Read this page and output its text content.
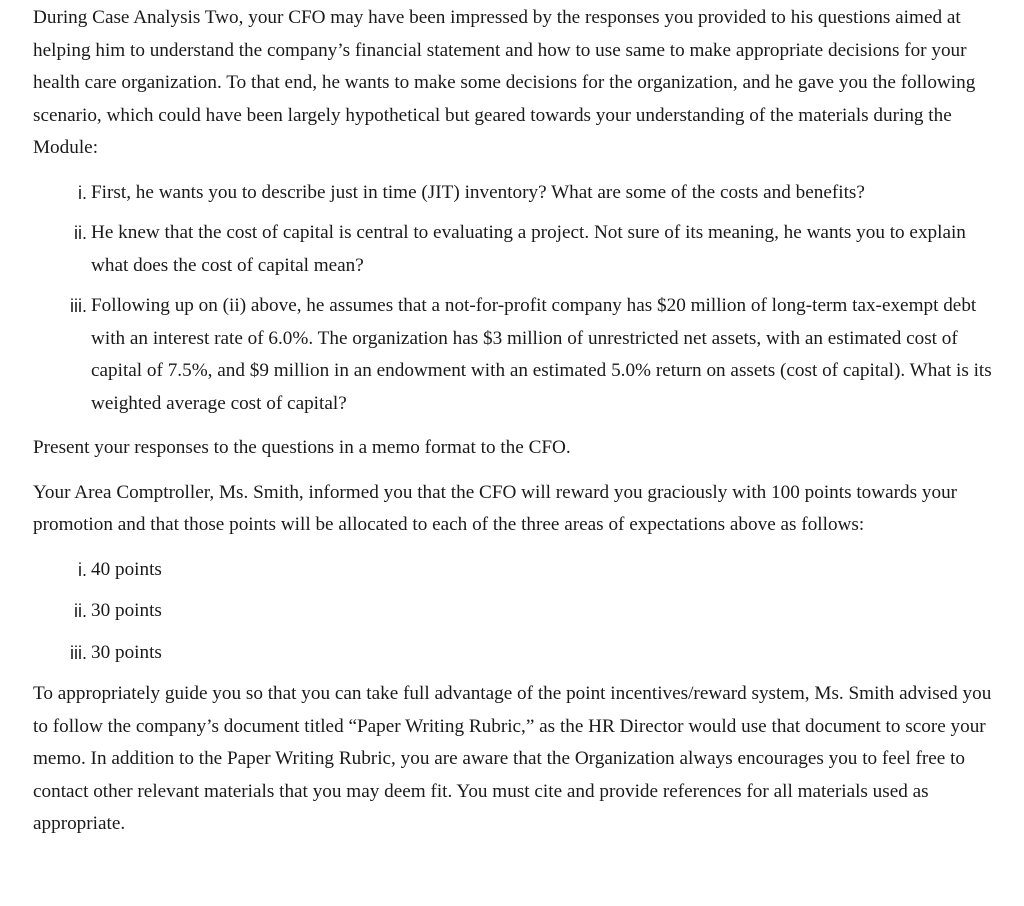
During Case Analysis Two, your CFO may have been impressed by the responses you provided to his questions aimed at helping him to understand the company’s financial statement and how to use same to make appropriate decisions for your health care organization. To that end, he wants to make some decisions for the organization, and he gave you the following scenario, which could have been largely hypothetical but geared towards your understanding of the materials during the Module:

i. First, he wants you to describe just in time (JIT) inventory? What are some of the costs and benefits?
ii. He knew that the cost of capital is central to evaluating a project. Not sure of its meaning, he wants you to explain what does the cost of capital mean?
iii. Following up on (ii) above, he assumes that a not-for-profit company has $20 million of long-term tax-exempt debt with an interest rate of 6.0%. The organization has $3 million of unrestricted net assets, with an estimated cost of capital of 7.5%, and $9 million in an endowment with an estimated 5.0% return on assets (cost of capital). What is its weighted average cost of capital?

Present your responses to the questions in a memo format to the CFO.

Your Area Comptroller, Ms. Smith, informed you that the CFO will reward you graciously with 100 points towards your promotion and that those points will be allocated to each of the three areas of expectations above as follows:

i. 40 points
ii. 30 points
iii. 30 points

To appropriately guide you so that you can take full advantage of the point incentives/reward system, Ms. Smith advised you to follow the company’s document titled “Paper Writing Rubric,” as the HR Director would use that document to score your memo. In addition to the Paper Writing Rubric, you are aware that the Organization always encourages you to feel free to contact other relevant materials that you may deem fit. You must cite and provide references for all materials used as appropriate.
